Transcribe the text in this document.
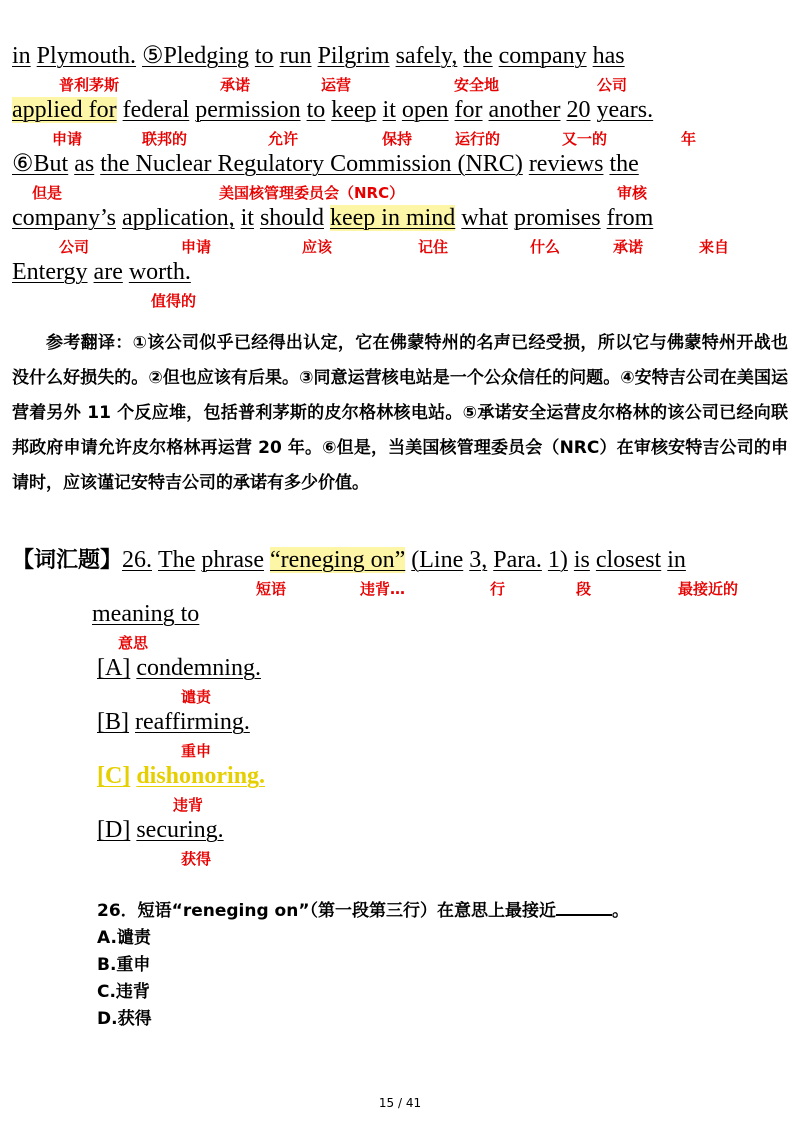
in Plymouth. ⑤Pledging to run Pilgrim safely, the company has
普利茅斯	承诺	运营	安全地	公司
applied for federal permission to keep it open for another 20 years.
申请	联邦的	允许	保持	运行的	又一的	年
⑥But as the Nuclear Regulatory Commission (NRC) reviews the
但是	美国核管理委员会（NRC）	审核
company’s application, it should keep in mind what promises from
公司	申请	应该	记住	什么	承诺	来自
Entergy are worth.
值得的
参考翻译：①该公司似乎已经得出认定，它在佛蒙特州的名声已经受损，所以它与佛蒙特州开战也没什么好损失的。②但也应该有后果。③同意运营核电站是一个公众信任的问题。④安特吉公司在美国运营着另外 11 个反应堆，包括普利茅斯的皮尔格林核电站。⑤承诺安全运营皮尔格林的该公司已经向联邦政府申请允许皮尔格林再运营 20 年。⑥但是，当美国核管理委员会（NRC）在审核安特吉公司的申请时，应该谨记安特吉公司的承诺有多少价值。
【词汇题】26. The phrase “reneging on” (Line 3, Para. 1) is closest in
短语	违背…	行	段	最接近的
meaning to
意思
[A] condemning.
谴责
[B] reaffirming.
重申
[C] dishonoring.
违背
[D] securing.
获得
26．短语“reneging on”（第一段第三行）在意思上最接近	。
A.谴责
B.重申
C.违背
D.获得
15 / 41
